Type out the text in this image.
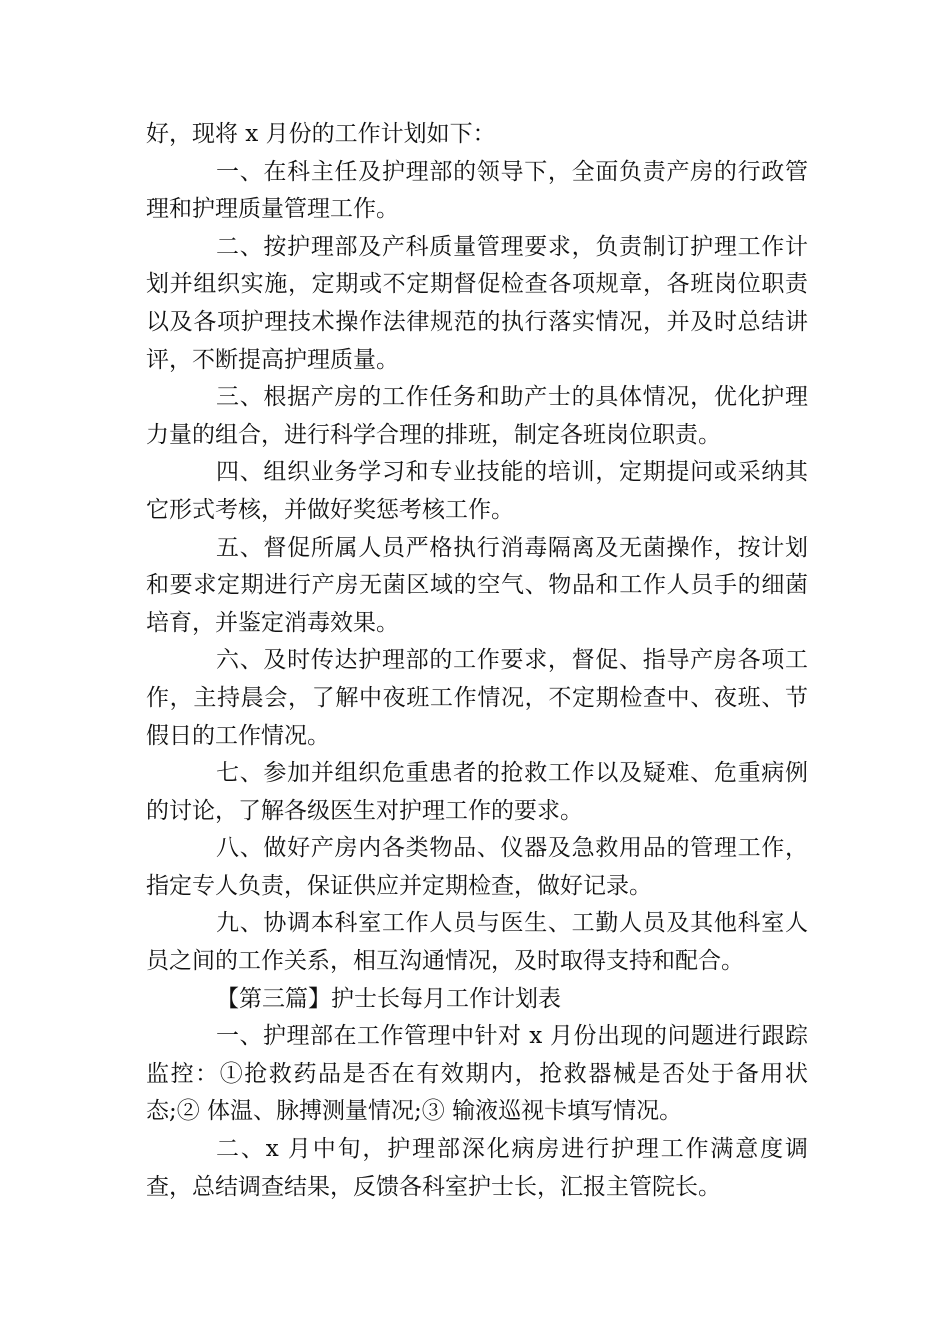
好，现将 x 月份的工作计划如下：

一、在科主任及护理部的领导下，全面负责产房的行政管理和护理质量管理工作。

二、按护理部及产科质量管理要求，负责制订护理工作计划并组织实施，定期或不定期督促检查各项规章，各班岗位职责以及各项护理技术操作法律规范的执行落实情况，并及时总结讲评，不断提高护理质量。

三、根据产房的工作任务和助产士的具体情况，优化护理力量的组合，进行科学合理的排班，制定各班岗位职责。

四、组织业务学习和专业技能的培训，定期提问或采纳其它形式考核，并做好奖惩考核工作。

五、督促所属人员严格执行消毒隔离及无菌操作，按计划和要求定期进行产房无菌区域的空气、物品和工作人员手的细菌培育，并鉴定消毒效果。

六、及时传达护理部的工作要求，督促、指导产房各项工作，主持晨会，了解中夜班工作情况，不定期检查中、夜班、节假日的工作情况。

七、参加并组织危重患者的抢救工作以及疑难、危重病例的讨论，了解各级医生对护理工作的要求。

八、做好产房内各类物品、仪器及急救用品的管理工作，指定专人负责，保证供应并定期检查，做好记录。

九、协调本科室工作人员与医生、工勤人员及其他科室人员之间的工作关系，相互沟通情况，及时取得支持和配合。

【第三篇】护士长每月工作计划表

一、护理部在工作管理中针对 x 月份出现的问题进行跟踪监控：①抢救药品是否在有效期内，抢救器械是否处于备用状态;② 体温、脉搏测量情况;③ 输液巡视卡填写情况。

二、x 月中旬，护理部深化病房进行护理工作满意度调查，总结调查结果，反馈各科室护士长，汇报主管院长。
